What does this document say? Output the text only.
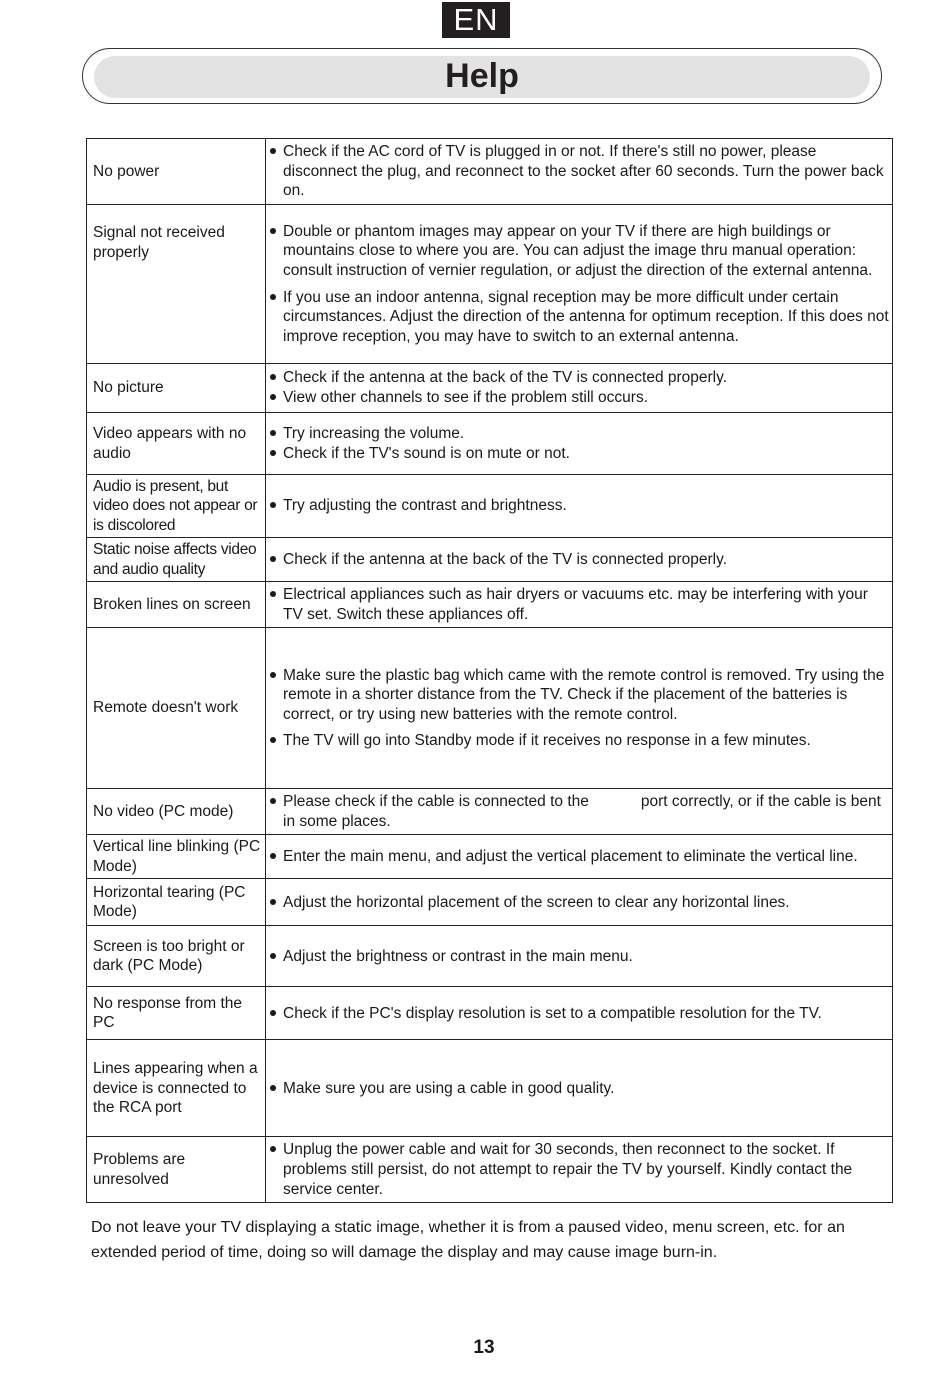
EN
Help
No power	Check if the AC cord of TV is plugged in or not. If there's still no power, please disconnect the plug, and reconnect to the socket after 60 seconds. Turn the power back on.

Signal not received properly	Double or phantom images may appear on your TV if there are high buildings or mountains close to where you are. You can adjust the image thru manual operation: consult instruction of vernier regulation, or adjust the direction of the external antenna.

If you use an indoor antenna, signal reception may be more difficult under certain circumstances. Adjust the direction of the antenna for optimum reception. If this does not improve reception, you may have to switch to an external antenna.

No picture	Check if the antenna at the back of the TV is connected properly.

View other channels to see if the problem still occurs.

Video appears with no audio	Try increasing the volume.

Check if the TV's sound is on mute or not.

Audio is present, but video does not appear or is discolored	Try adjusting the contrast and brightness.

Static noise affects video and audio quality	Check if the antenna at the back of the TV is connected properly.

Broken lines on screen	Electrical appliances such as hair dryers or vacuums etc. may be interfering with your TV set. Switch these appliances off.

Remote doesn't work	Make sure the plastic bag which came with the remote control is removed. Try using the remote in a shorter distance from the TV. Check if the placement of the batteries is correct, or try using new batteries with the remote control.

The TV will go into Standby mode if it receives no response in a few minutes.

No video (PC mode)	Please check if the cable is connected to the port correctly, or if the cable is bent in some places.

Vertical line blinking (PC Mode)	Enter the main menu, and adjust the vertical placement to eliminate the vertical line.

Horizontal tearing (PC Mode)	Adjust the horizontal placement of the screen to clear any horizontal lines.

Screen is too bright or dark (PC Mode)	Adjust the brightness or contrast in the main menu.

No response from the PC	Check if the PC's display resolution is set to a compatible resolution for the TV.

Lines appearing when a device is connected to the RCA port	Make sure you are using a cable in good quality.

Problems are unresolved	Unplug the power cable and wait for 30 seconds, then reconnect to the socket. If problems still persist, do not attempt to repair the TV by yourself. Kindly contact the service center.

Do not leave your TV displaying a static image, whether it is from a paused video, menu screen, etc. for an extended period of time, doing so will damage the display and may cause image burn-in.
13
